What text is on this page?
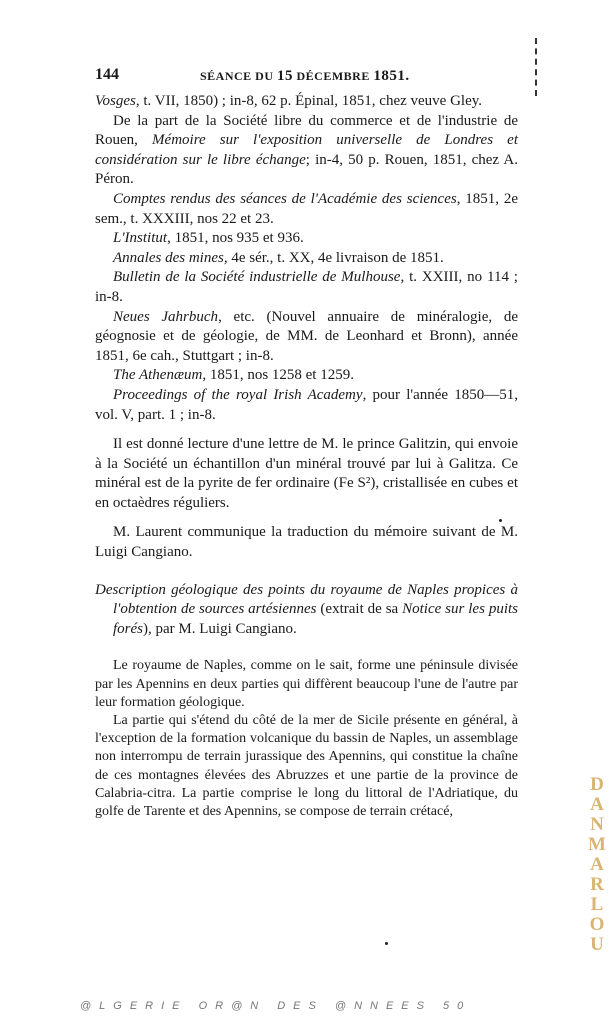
144	SÉANCE DU 15 DÉCEMBRE 1851.

Vosges, t. VII, 1850) ; in-8, 62 p. Épinal, 1851, chez veuve Gley.

De la part de la Société libre du commerce et de l'industrie de Rouen, Mémoire sur l'exposition universelle de Londres et considération sur le libre échange; in-4, 50 p. Rouen, 1851, chez A. Péron.

Comptes rendus des séances de l'Académie des sciences, 1851, 2e sem., t. XXXIII, nos 22 et 23.

L'Institut, 1851, nos 935 et 936.

Annales des mines, 4e sér., t. XX, 4e livraison de 1851.

Bulletin de la Société industrielle de Mulhouse, t. XXIII, no 114 ; in-8.

Neues Jahrbuch, etc. (Nouvel annuaire de minéralogie, de géognosie et de géologie, de MM. de Leonhard et Bronn), année 1851, 6e cah., Stuttgart ; in-8.

The Athenæum, 1851, nos 1258 et 1259.

Proceedings of the royal Irish Academy, pour l'année 1850—51, vol. V, part. 1 ; in-8.

Il est donné lecture d'une lettre de M. le prince Galitzin, qui envoie à la Société un échantillon d'un minéral trouvé par lui à Galitza. Ce minéral est de la pyrite de fer ordinaire (Fe S²), cristallisée en cubes et en octaèdres réguliers.

M. Laurent communique la traduction du mémoire suivant de M. Luigi Cangiano.

Description géologique des points du royaume de Naples propices à l'obtention de sources artésiennes (extrait de sa Notice sur les puits forés), par M. Luigi Cangiano.

Le royaume de Naples, comme on le sait, forme une péninsule divisée par les Apennins en deux parties qui diffèrent beaucoup l'une de l'autre par leur formation géologique.

La partie qui s'étend du côté de la mer de Sicile présente en général, à l'exception de la formation volcanique du bassin de Naples, un assemblage non interrompu de terrain jurassique des Apennins, qui constitue la chaîne de ces montagnes élevées des Abruzzes et une partie de la province de Calabria-citra. La partie comprise le long du littoral de l'Adriatique, du golfe de Tarente et des Apennins, se compose de terrain crétacé,

@LGERIE OR@N DES @NNEES 50
DANMARLOU
